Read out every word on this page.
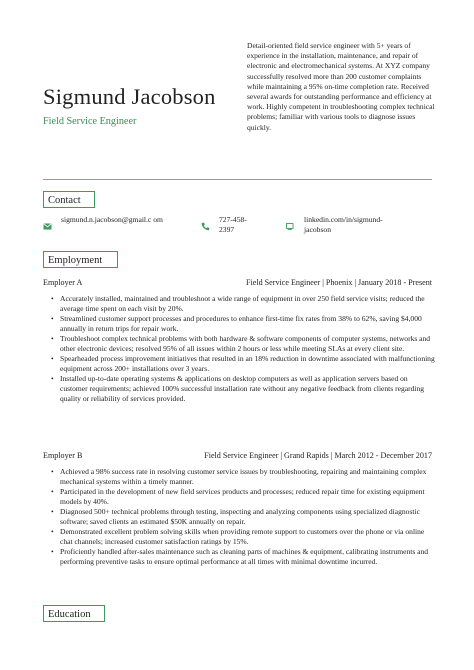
Sigmund Jacobson
Field Service Engineer
Detail-oriented field service engineer with 5+ years of experience in the installation, maintenance, and repair of electronic and electromechanical systems. At XYZ company successfully resolved more than 200 customer complaints while maintaining a 95% on-time completion rate. Received several awards for outstanding performance and efficiency at work. Highly competent in troubleshooting complex technical problems; familiar with various tools to diagnose issues quickly.
Contact
sigmund.n.jacobson@gmail.c om	727-458- 2397
linkedin.com/in/sigmund- jacobson
Employment
Employer A	Field Service Engineer | Phoenix | January 2018 - Present
• Accurately installed, maintained and troubleshoot a wide range of equipment in over 250 field service visits; reduced the average time spent on each visit by 20%.
• Streamlined customer support processes and procedures to enhance first-time fix rates from 38% to 62%, saving $4,000 annually in return trips for repair work.
• Troubleshoot complex technical problems with both hardware & software components of computer systems, networks and other electronic devices; resolved 95% of all issues within 2 hours or less while meeting SLAs at every client site.
• Spearheaded process improvement initiatives that resulted in an 18% reduction in downtime associated with malfunctioning equipment across 200+ installations over 3 years.
• Installed up-to-date operating systems & applications on desktop computers as well as application servers based on customer requirements; achieved 100% successful installation rate without any negative feedback from clients regarding quality or reliability of services provided.
Employer B	Field Service Engineer | Grand Rapids | March 2012 - December 2017
• Achieved a 98% success rate in resolving customer service issues by troubleshooting, repairing and maintaining complex mechanical systems within a timely manner.
• Participated in the development of new field services products and processes; reduced repair time for existing equipment models by 40%.
• Diagnosed 500+ technical problems through testing, inspecting and analyzing components using specialized diagnostic software; saved clients an estimated $50K annually on repair.
• Demonstrated excellent problem solving skills when providing remote support to customers over the phone or via online chat channels; increased customer satisfaction ratings by 15%.
• Proficiently handled after-sales maintenance such as cleaning parts of machines & equipment, calibrating instruments and performing preventive tasks to ensure optimal performance at all times with minimal downtime incurred.
Education
